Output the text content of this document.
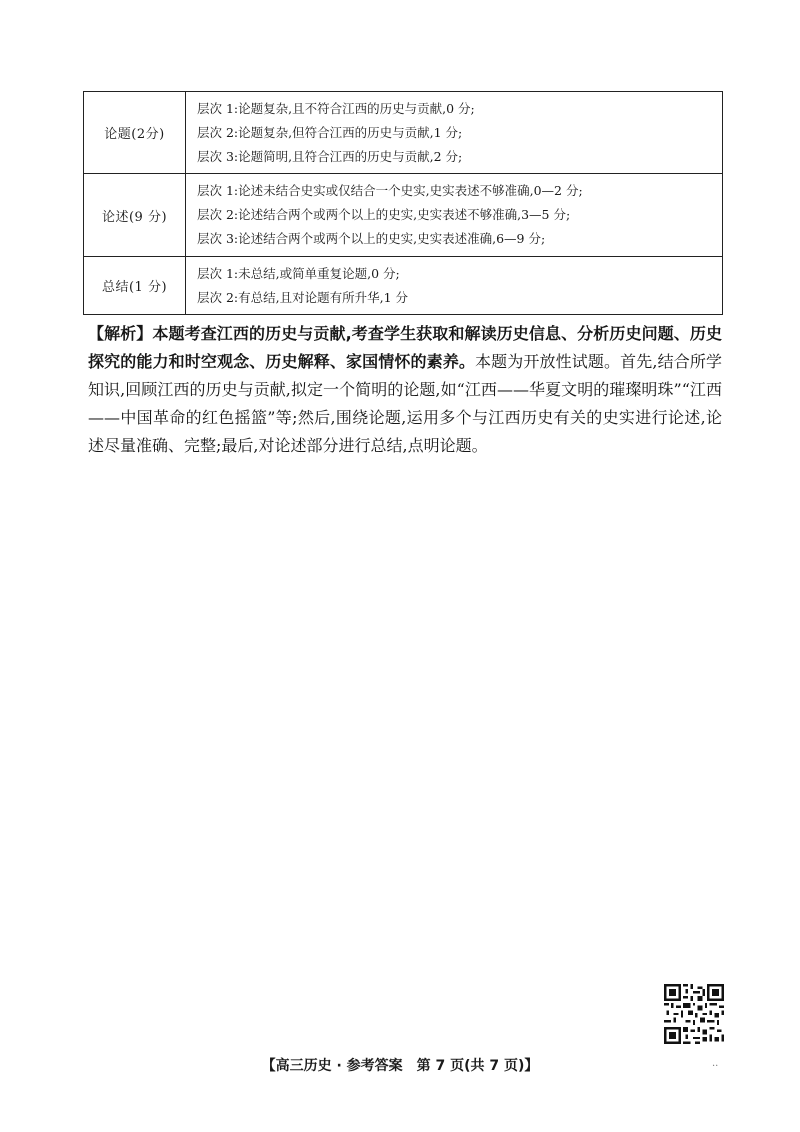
论题(2分)	层次 1:论题复杂,且不符合江西的历史与贡献,0 分;
层次 2:论题复杂,但符合江西的历史与贡献,1 分;
层次 3:论题简明,且符合江西的历史与贡献,2 分;

论述(9 分)	层次 1:论述未结合史实或仅结合一个史实,史实表述不够准确,0—2 分;
层次 2:论述结合两个或两个以上的史实,史实表述不够准确,3—5 分;
层次 3:论述结合两个或两个以上的史实,史实表述准确,6—9 分;

总结(1 分)	层次 1:未总结,或简单重复论题,0 分;
层次 2:有总结,且对论题有所升华,1 分
【解析】本题考查江西的历史与贡献,考查学生获取和解读历史信息、分析历史问题、历史探究的能力和时空观念、历史解释、家国情怀的素养。本题为开放性试题。首先,结合所学知识,回顾江西的历史与贡献,拟定一个简明的论题,如“江西——华夏文明的璀璨明珠”“江西——中国革命的红色摇篮”等;然后,围绕论题,运用多个与江西历史有关的史实进行论述,论述尽量准确、完整;最后,对论述部分进行总结,点明论题。
【高三历史 · 参考答案　第 7 页(共 7 页)】	..
